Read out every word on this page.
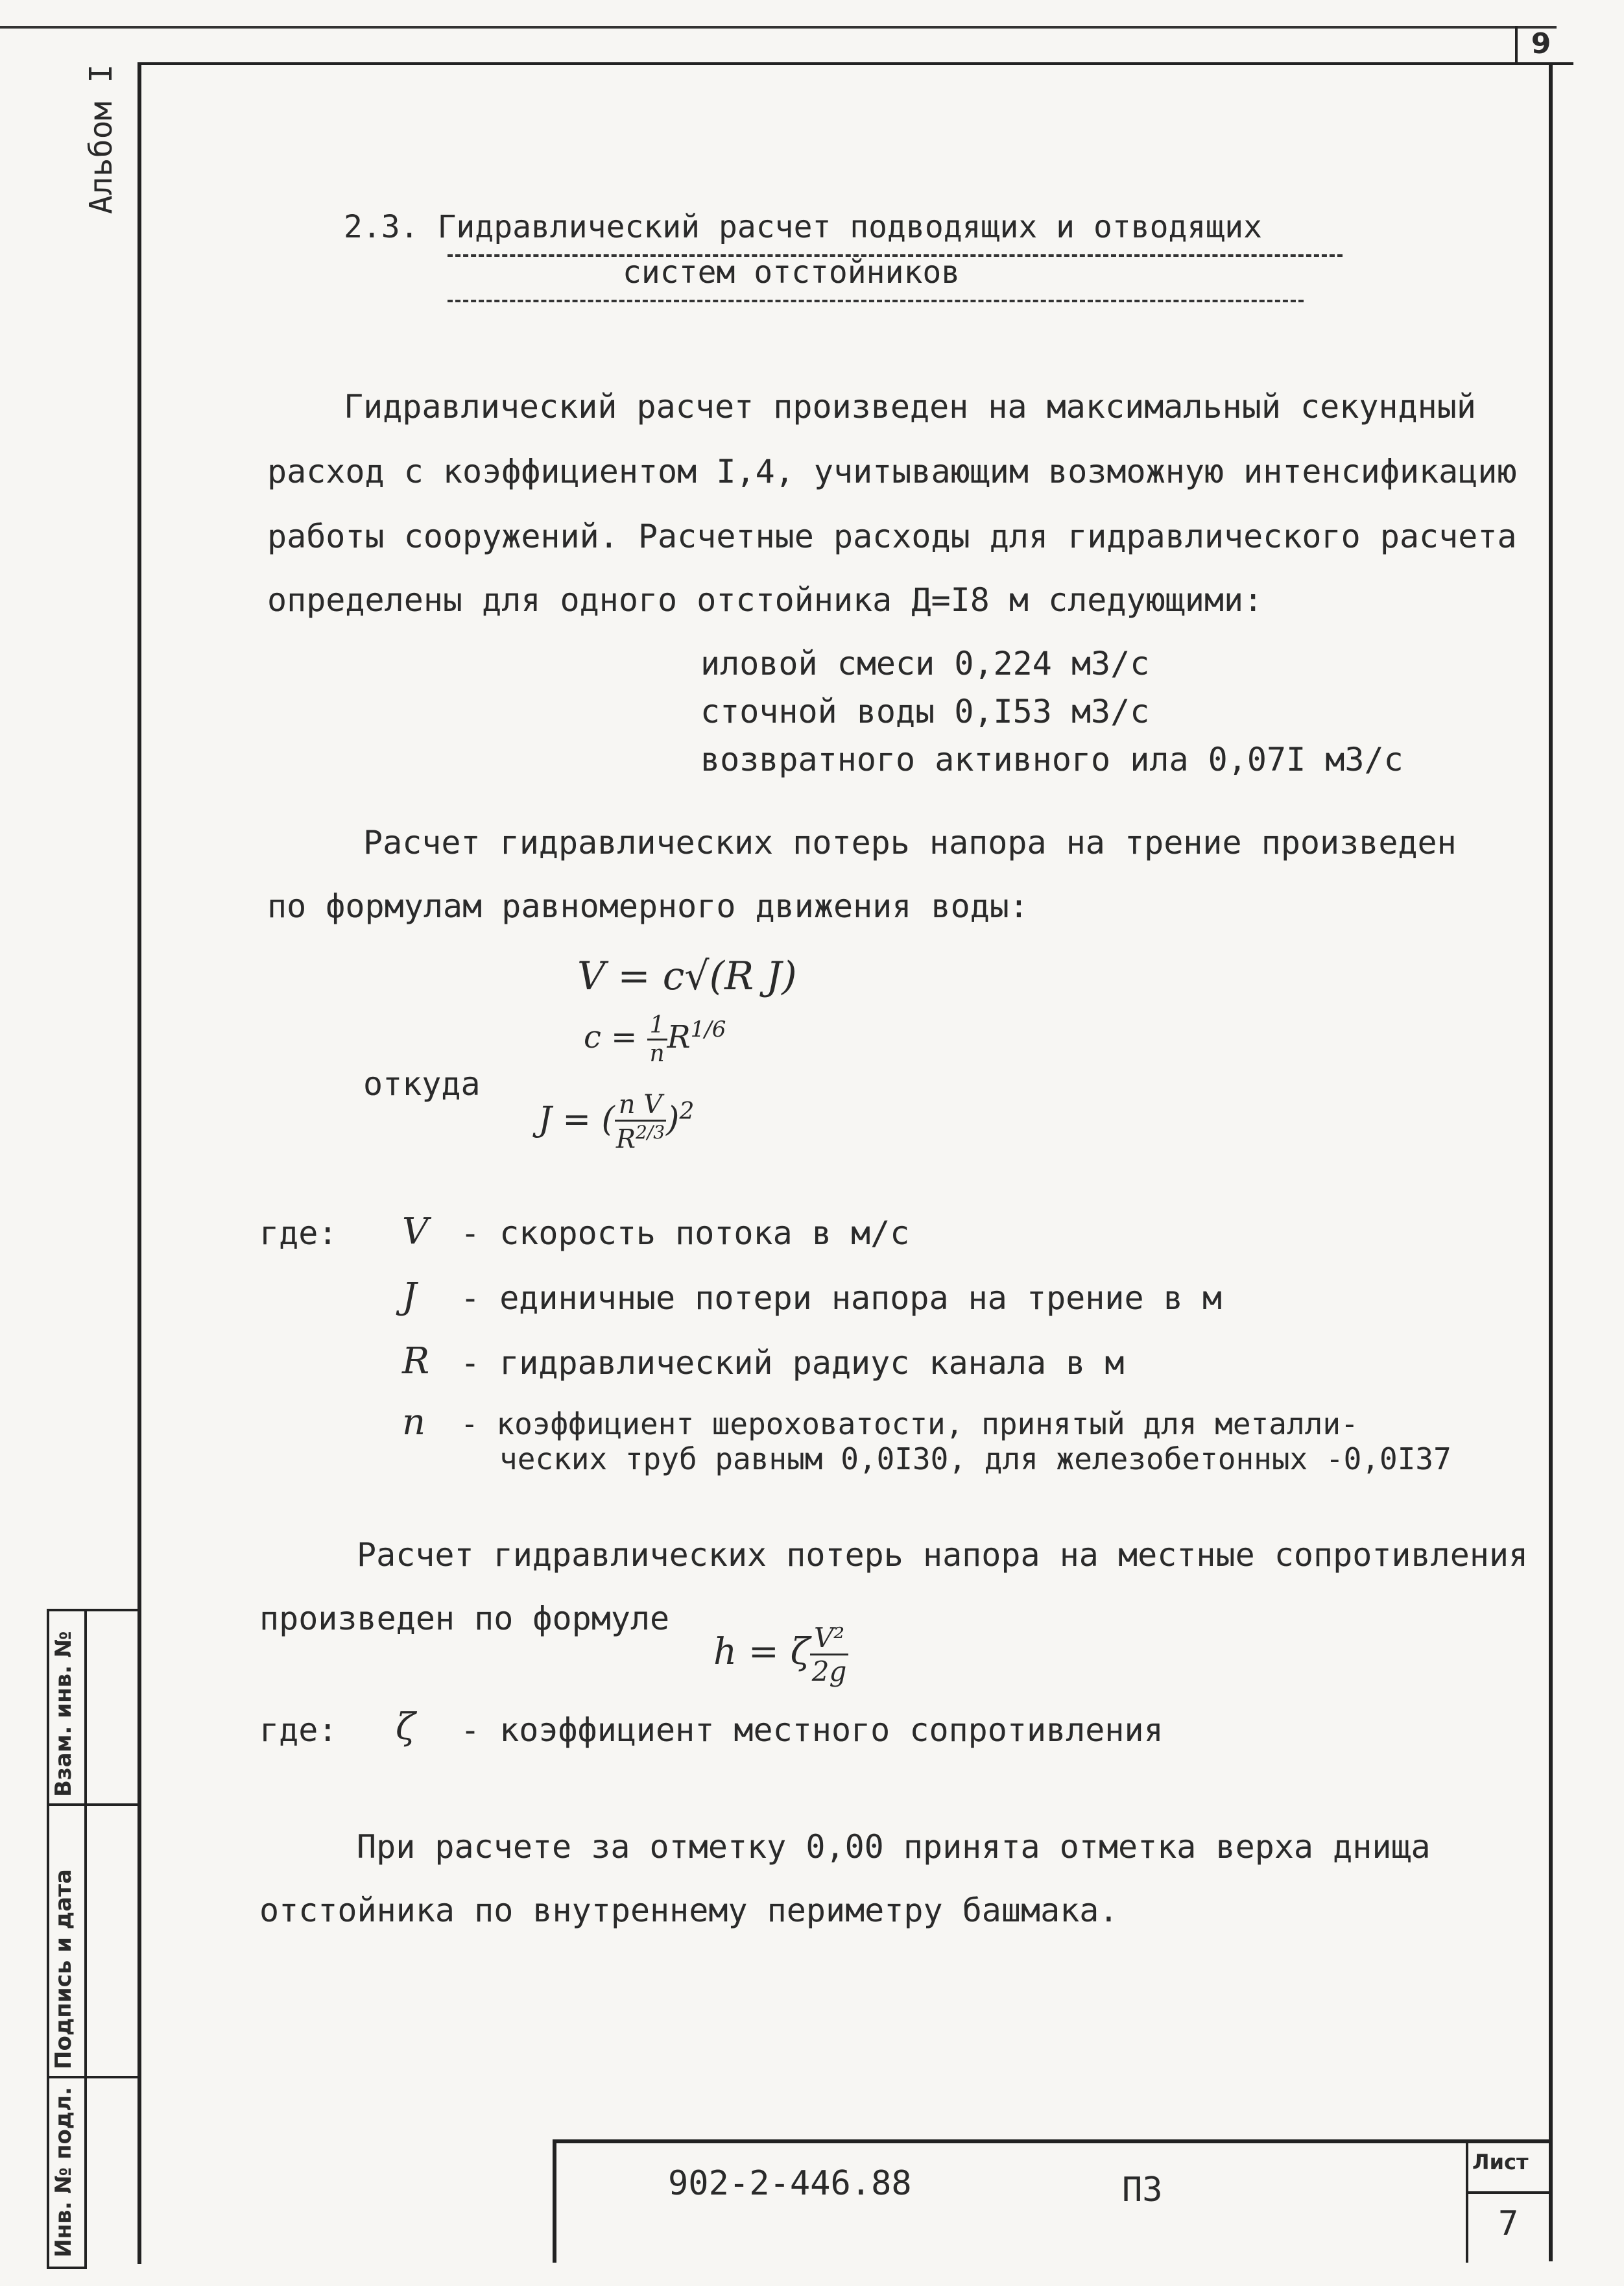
9
Альбом I
Взам. инв. №
Подпись и дата
Инв. № подл.
2.3. Гидравлический расчет подводящих и отводящих
систем отстойников
Гидравлический расчет произведен на максимальный секундный
расход с коэффициентом I,4, учитывающим возможную интенсификацию
работы сооружений. Расчетные расходы для гидравлического расчета
определены для одного отстойника Д=I8 м следующими:
иловой смеси 0,224 м3/с
сточной воды 0,I53 м3/с
возвратного активного ила 0,07I м3/с
Расчет гидравлических потерь напора на трение произведен
по формулам равномерного движения воды:
V = c√(R J)
$c = \frac{1}{n} R^{1/6}$
откуда
J = ( $\frac{\text{n V}}{R^{2/3}} )^2$
где: V - скорость потока в м/с
J - единичные потери напора на трение в м
R - гидравлический радиус канала в м
n - коэффициент шероховатости, принятый для металли-
ческих труб равным 0,0I30, для железобетонных -0,0I37
Расчет гидравлических потерь напора на местные сопротивления
произведен по формуле
h = ζ $\frac{\text{V²}}{2g}$
где: ζ - коэффициент местного сопротивления
При расчете за отметку 0,00 принята отметка верха днища
отстойника по внутреннему периметру башмака.
902-2-446.88	ПЗ
Лист
7
